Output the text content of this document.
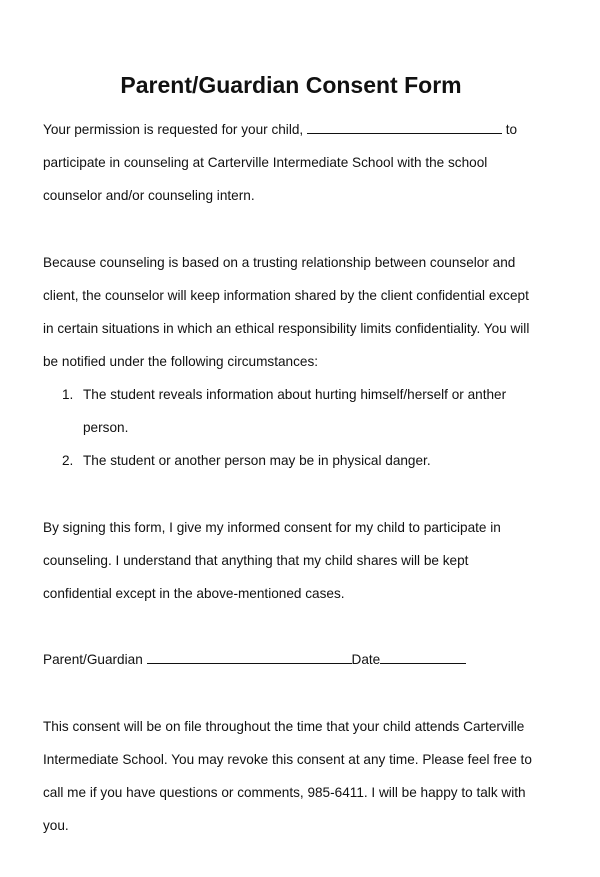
Parent/Guardian Consent Form
Your permission is requested for your child,	to
participate in counseling at Carterville Intermediate School with the school
counselor and/or counseling intern.
Because counseling is based on a trusting relationship between counselor and
client, the counselor will keep information shared by the client confidential except
in certain situations in which an ethical responsibility limits confidentiality. You will
be notified under the following circumstances:
1. The student reveals information about hurting himself/herself or anther
person.
2. The student or another person may be in physical danger.
By signing this form, I give my informed consent for my child to participate in
counseling. I understand that anything that my child shares will be kept
confidential except in the above-mentioned cases.
Parent/Guardian	Date
This consent will be on file throughout the time that your child attends Carterville
Intermediate School. You may revoke this consent at any time. Please feel free to
call me if you have questions or comments, 985-6411. I will be happy to talk with
you.
